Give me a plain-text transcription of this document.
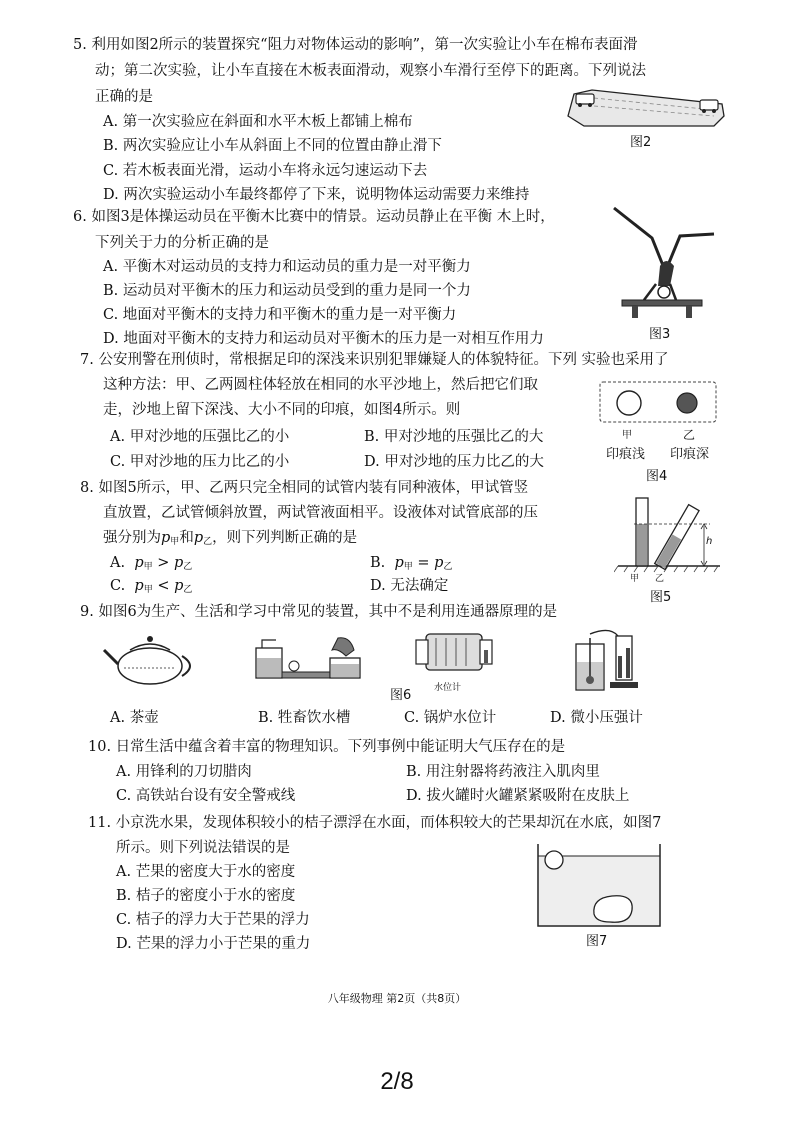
5. 利用如图2所示的装置探究“阻力对物体运动的影响”，第一次实验让小车在棉布表面滑
动；第二次实验，让小车直接在木板表面滑动，观察小车滑行至停下的距离。下列说法
正确的是
A. 第一次实验应在斜面和水平木板上都铺上棉布
B. 两次实验应让小车从斜面上不同的位置由静止滑下
C. 若木板表面光滑，运动小车将永远匀速运动下去
D. 两次实验运动小车最终都停了下来，说明物体运动需要力来维持
图2
6. 如图3是体操运动员在平衡木比赛中的情景。运动员静止在平衡 木上时，
下列关于力的分析正确的是
A. 平衡木对运动员的支持力和运动员的重力是一对平衡力
B. 运动员对平衡木的压力和运动员受到的重力是同一个力
C. 地面对平衡木的支持力和平衡木的重力是一对平衡力
D. 地面对平衡木的支持力和运动员对平衡木的压力是一对相互作用力	图3
7. 公安刑警在刑侦时，常根据足印的深浅来识别犯罪嫌疑人的体貌特征。下列 实验也采用了
这种方法：甲、乙两圆柱体轻放在相同的水平沙地上，然后把它们取
走，沙地上留下深浅、大小不同的印痕，如图4所示。则
A. 甲对沙地的压强比乙的小	B. 甲对沙地的压强比乙的大
C. 甲对沙地的压力比乙的小	D. 甲对沙地的压力比乙的大
甲	乙
印痕浅 印痕深
图4
8. 如图5所示，甲、乙两只完全相同的试管内装有同种液体，甲试管竖
直放置，乙试管倾斜放置，两试管液面相平。设液体对试管底部的压
强分别为$p_甲$和$p_乙$，则下列判断正确的是
A. $p_甲 > p_乙$	B. $p_甲 = p_乙$
C. $p_甲 < p_乙$	D. 无法确定
h
甲 乙
图5
9. 如图6为生产、生活和学习中常见的装置，其中不是利用连通器原理的是
水位计
图6
A. 茶壶	B. 牲畜饮水槽	C. 锅炉水位计	D. 微小压强计
10. 日常生活中蕴含着丰富的物理知识。下列事例中能证明大气压存在的是
A. 用锋利的刀切腊肉	B. 用注射器将药液注入肌肉里
C. 高铁站台设有安全警戒线	D. 拔火罐时火罐紧紧吸附在皮肤上
11. 小京洗水果，发现体积较小的桔子漂浮在水面，而体积较大的芒果却沉在水底，如图7
所示。则下列说法错误的是
A. 芒果的密度大于水的密度
B. 桔子的密度小于水的密度
C. 桔子的浮力大于芒果的浮力
D. 芒果的浮力小于芒果的重力	图7
八年级物理 第2页（共8页）
2/8
